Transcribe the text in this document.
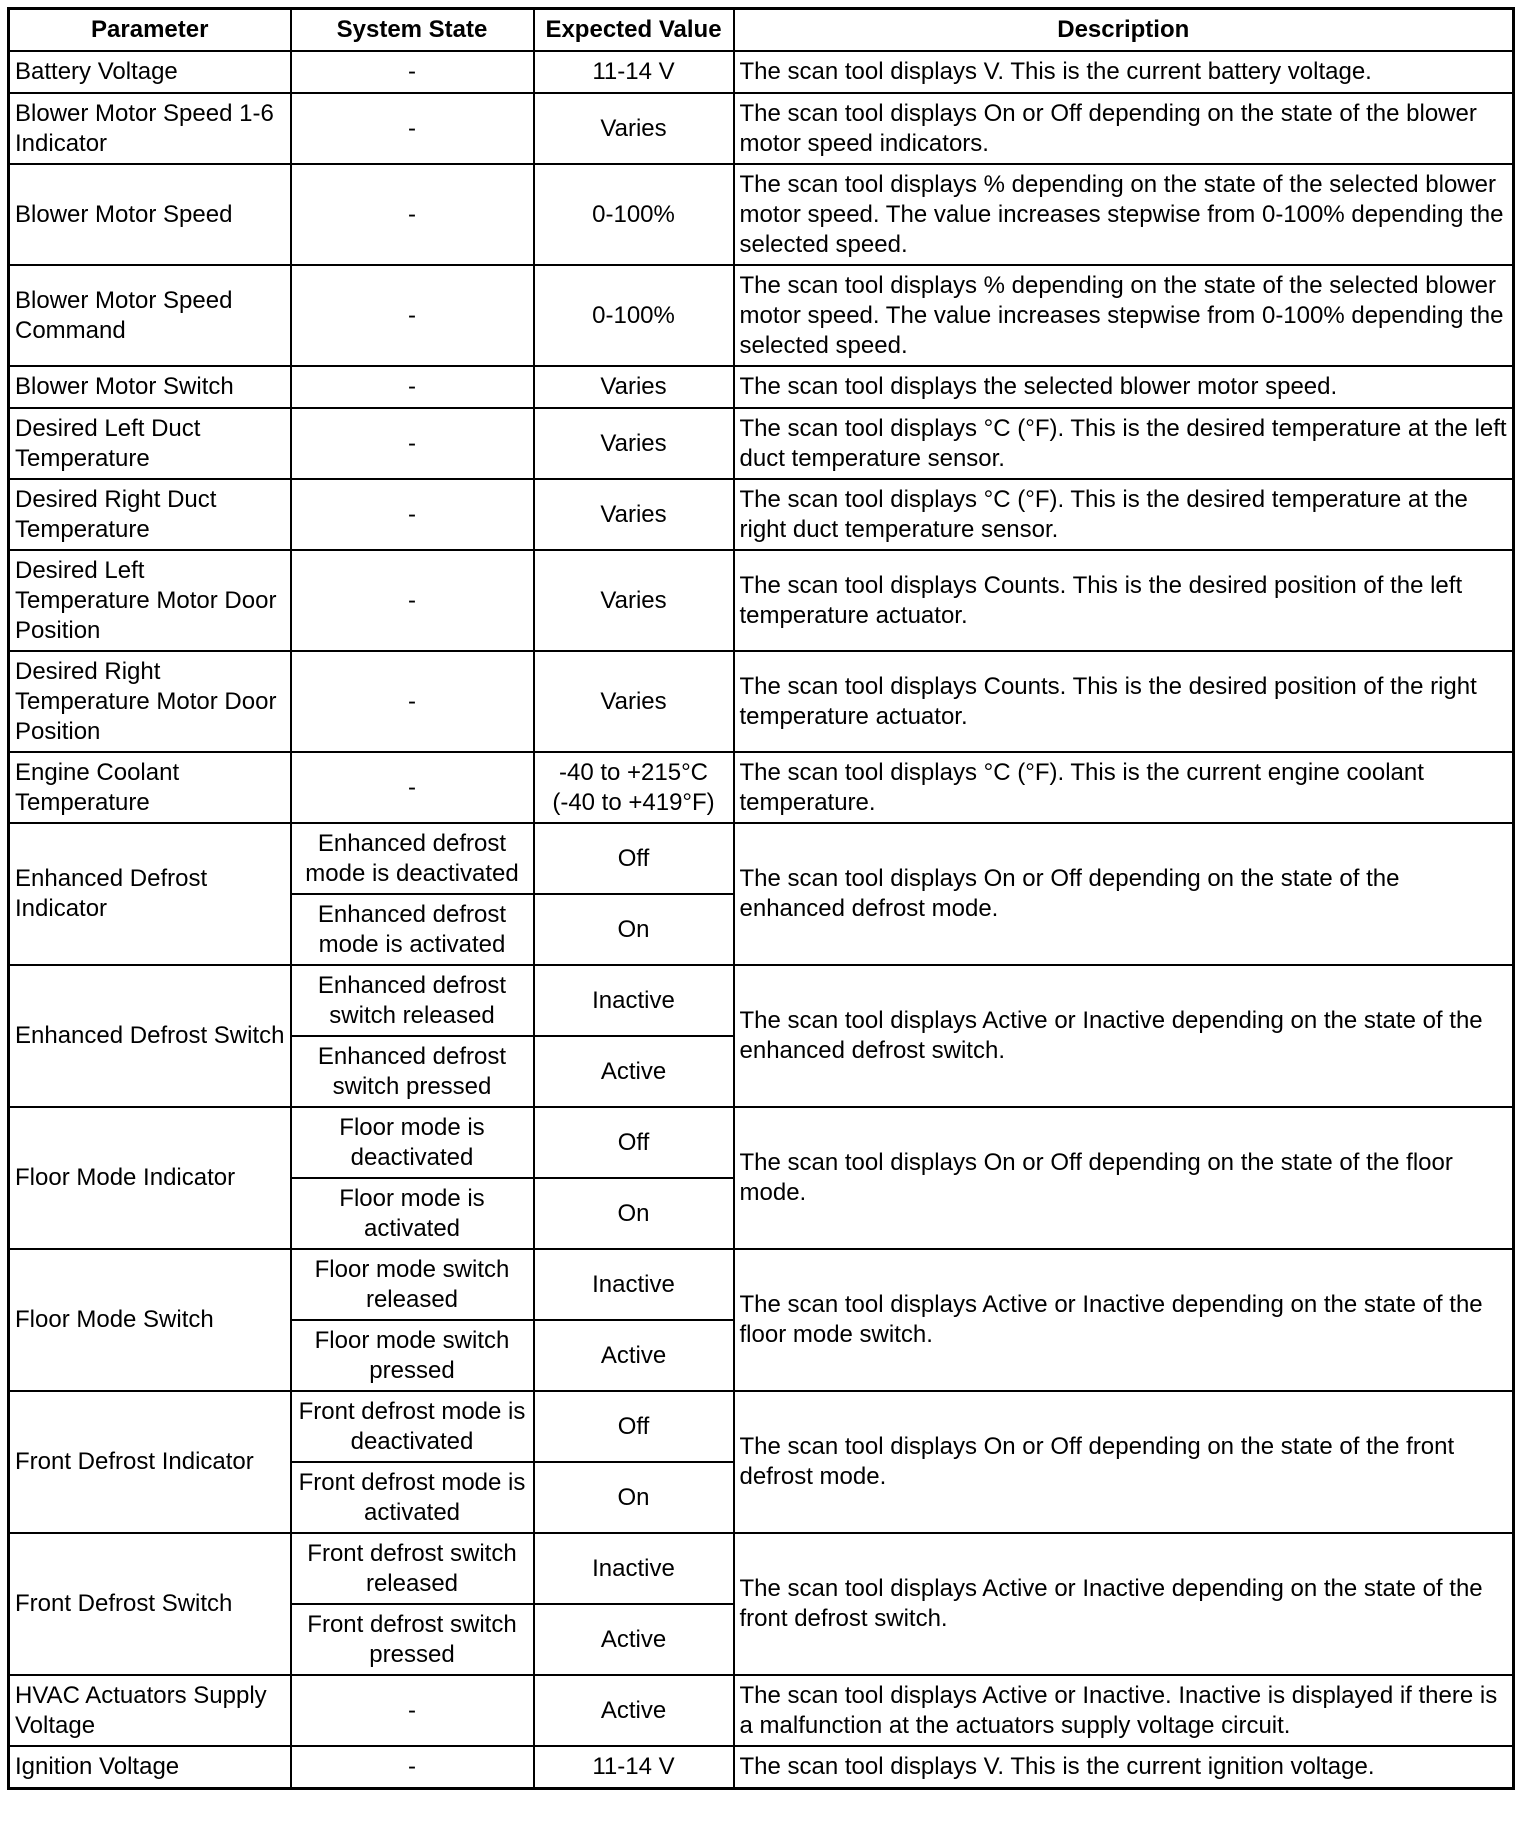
Parameter	System State	Expected Value	Description
Battery Voltage	-	11-14 V	The scan tool displays V. This is the current battery voltage.
Blower Motor Speed 1-6 Indicator	-	Varies	The scan tool displays On or Off depending on the state of the blower motor speed indicators.
Blower Motor Speed	-	0-100%	The scan tool displays % depending on the state of the selected blower motor speed. The value increases stepwise from 0-100% depending the selected speed.
Blower Motor Speed Command	-	0-100%	The scan tool displays % depending on the state of the selected blower motor speed. The value increases stepwise from 0-100% depending the selected speed.
Blower Motor Switch	-	Varies	The scan tool displays the selected blower motor speed.
Desired Left Duct Temperature	-	Varies	The scan tool displays °C (°F). This is the desired temperature at the left duct temperature sensor.
Desired Right Duct Temperature	-	Varies	The scan tool displays °C (°F). This is the desired temperature at the right duct temperature sensor.
Desired Left Temperature Motor Door Position	-	Varies	The scan tool displays Counts. This is the desired position of the left temperature actuator.
Desired Right Temperature Motor Door Position	-	Varies	The scan tool displays Counts. This is the desired position of the right temperature actuator.
Engine Coolant Temperature	-	-40 to +215°C (-40 to +419°F)	The scan tool displays °C (°F). This is the current engine coolant temperature.
Enhanced Defrost Indicator	Enhanced defrost mode is deactivated	Off	The scan tool displays On or Off depending on the state of the enhanced defrost mode.
	Enhanced defrost mode is activated	On	
Enhanced Defrost Switch	Enhanced defrost switch released	Inactive	The scan tool displays Active or Inactive depending on the state of the enhanced defrost switch.
	Enhanced defrost switch pressed	Active	
Floor Mode Indicator	Floor mode is deactivated	Off	The scan tool displays On or Off depending on the state of the floor mode.
	Floor mode is activated	On	
Floor Mode Switch	Floor mode switch released	Inactive	The scan tool displays Active or Inactive depending on the state of the floor mode switch.
	Floor mode switch pressed	Active	
Front Defrost Indicator	Front defrost mode is deactivated	Off	The scan tool displays On or Off depending on the state of the front defrost mode.
	Front defrost mode is activated	On	
Front Defrost Switch	Front defrost switch released	Inactive	The scan tool displays Active or Inactive depending on the state of the front defrost switch.
	Front defrost switch pressed	Active	
HVAC Actuators Supply Voltage	-	Active	The scan tool displays Active or Inactive. Inactive is displayed if there is a malfunction at the actuators supply voltage circuit.
Ignition Voltage	-	11-14 V	The scan tool displays V. This is the current ignition voltage.
